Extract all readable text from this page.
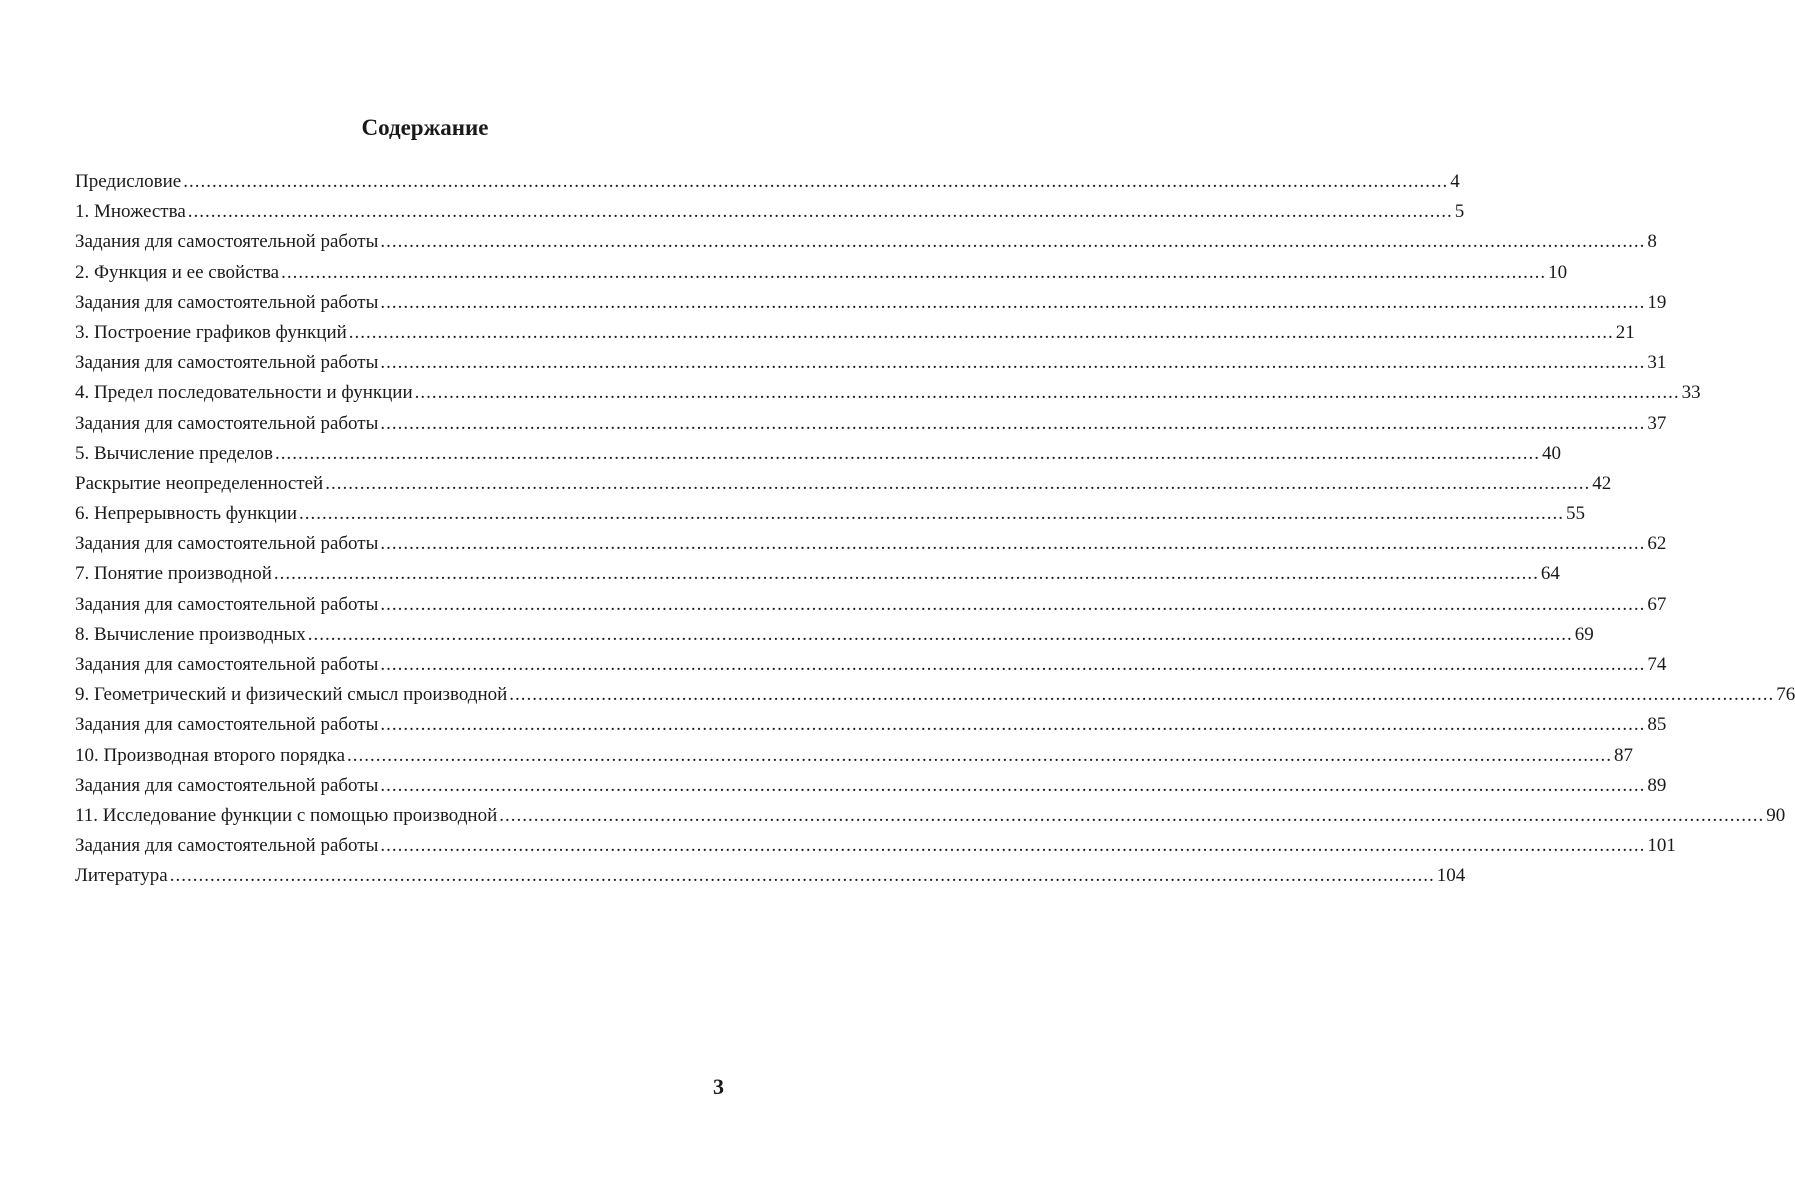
Содержание
Предисловие ............................................................................................................................................................................................................................ 4
1. Множества ............................................................................................................................................................................................................................ 5
Задания для самостоятельной работы ............................................................................................................................................................................................................................ 8
2. Функция и ее свойства ............................................................................................................................................................................................................................ 10
Задания для самостоятельной работы ............................................................................................................................................................................................................................ 19
3. Построение графиков функций ............................................................................................................................................................................................................................ 21
Задания для самостоятельной работы ............................................................................................................................................................................................................................ 31
4. Предел последовательности и функции ............................................................................................................................................................................................................................ 33
Задания для самостоятельной работы ............................................................................................................................................................................................................................ 37
5. Вычисление пределов ............................................................................................................................................................................................................................ 40
Раскрытие неопределенностей ............................................................................................................................................................................................................................ 42
6. Непрерывность функции ............................................................................................................................................................................................................................ 55
Задания для самостоятельной работы ............................................................................................................................................................................................................................ 62
7. Понятие производной ............................................................................................................................................................................................................................ 64
Задания для самостоятельной работы ............................................................................................................................................................................................................................ 67
8. Вычисление производных ............................................................................................................................................................................................................................ 69
Задания для самостоятельной работы ............................................................................................................................................................................................................................ 74
9. Геометрический и физический смысл производной ............................................................................................................................................................................................................................ 76
Задания для самостоятельной работы ............................................................................................................................................................................................................................ 85
10. Производная второго порядка ............................................................................................................................................................................................................................ 87
Задания для самостоятельной работы ............................................................................................................................................................................................................................ 89
11. Исследование функции с помощью производной ............................................................................................................................................................................................................................ 90
Задания для самостоятельной работы ............................................................................................................................................................................................................................ 101
Литература ............................................................................................................................................................................................................................ 104
3
